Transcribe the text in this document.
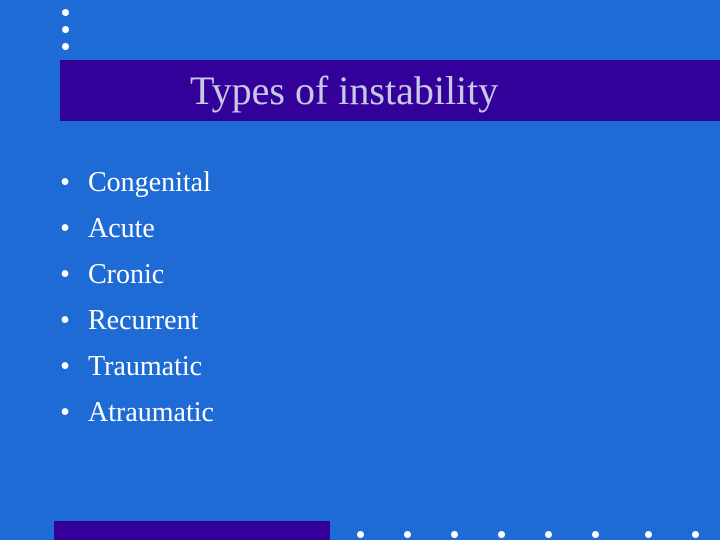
Types of instability
• Congenital
• Acute
• Cronic
• Recurrent
• Traumatic
• Atraumatic
